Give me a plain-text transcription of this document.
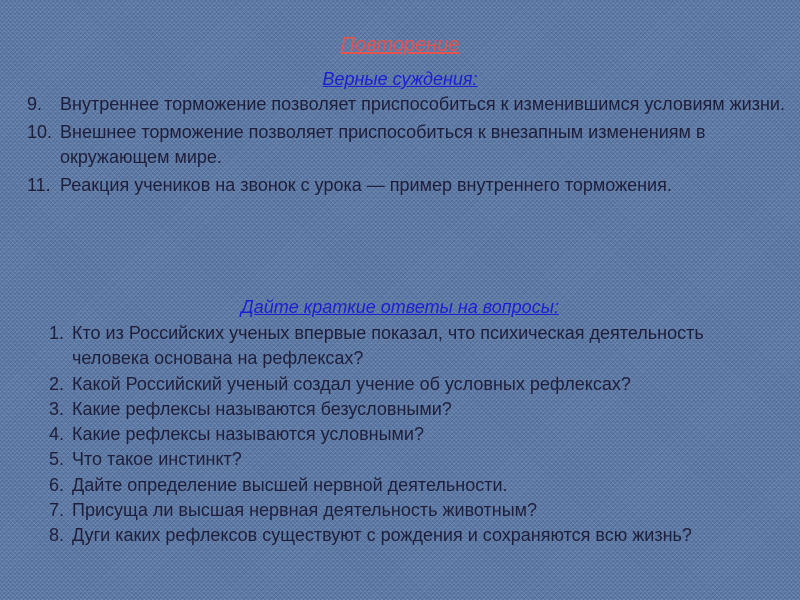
Повторение
Верные суждения:
9. Внутреннее торможение позволяет приспособиться к изменившимся условиям жизни.
10. Внешнее торможение позволяет приспособиться к внезапным изменениям в окружающем мире.
11. Реакция учеников на звонок с урока — пример внутреннего торможения.
Дайте краткие ответы на вопросы:
1. Кто из Российских ученых впервые показал, что психическая деятельность человека основана на рефлексах?
2. Какой Российский ученый создал учение об условных рефлексах?
3. Какие рефлексы называются безусловными?
4. Какие рефлексы называются условными?
5. Что такое инстинкт?
6. Дайте определение высшей нервной деятельности.
7. Присуща ли высшая нервная деятельность животным?
8. Дуги каких рефлексов существуют с рождения и сохраняются всю жизнь?
